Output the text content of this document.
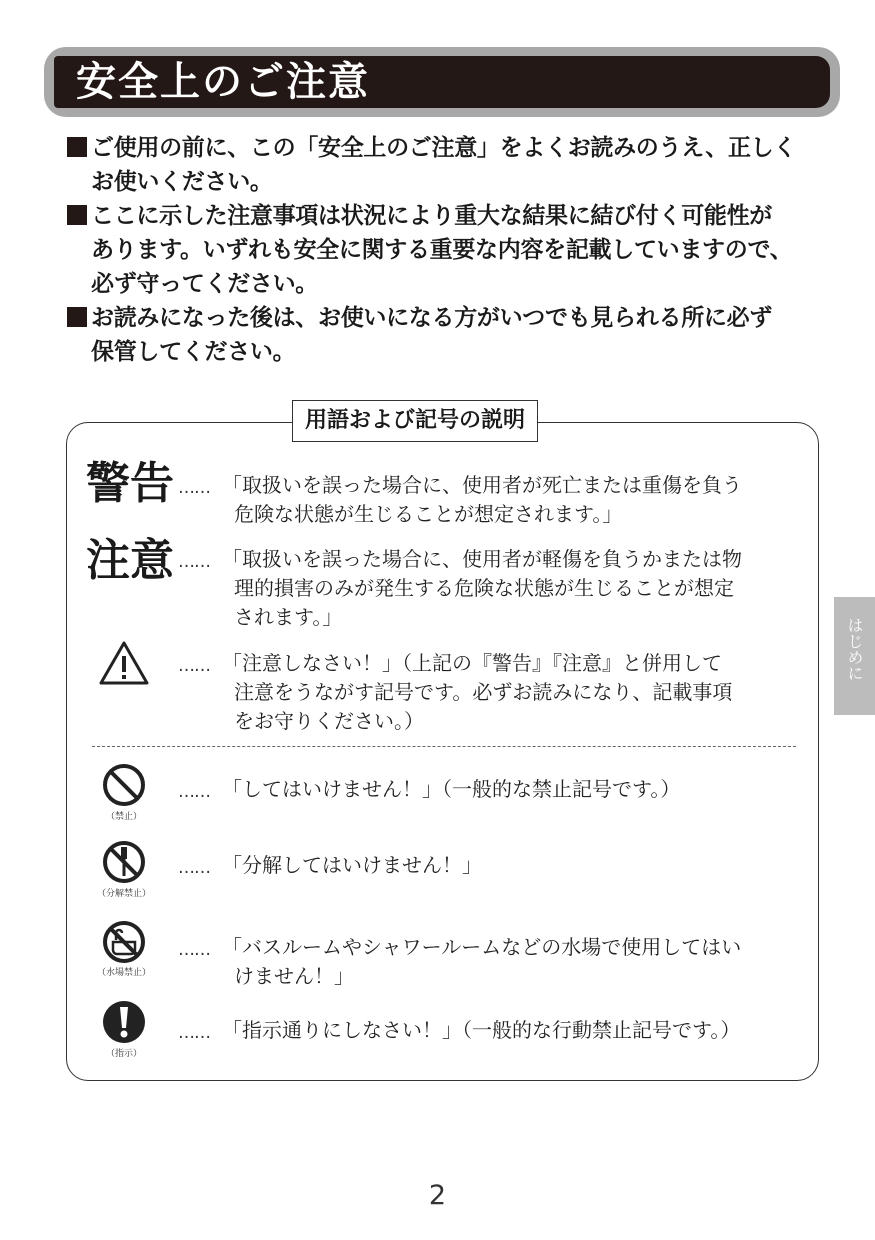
安全上のご注意

ご使用の前に、この「安全上のご注意」をよくお読みのうえ、正しく
お使いください。

ここに示した注意事項は状況により重大な結果に結び付く可能性が
あります。いずれも安全に関する重要な内容を記載していますので、
必ず守ってください。

お読みになった後は、お使いになる方がいつでも見られる所に必ず
保管してください。

用語および記号の説明
はじめに
警告 …… 「取扱いを誤った場合に、使用者が死亡または重傷を負う
危険な状態が生じることが想定されます。」
注意 …… 「取扱いを誤った場合に、使用者が軽傷を負うかまたは物
理的損害のみが発生する危険な状態が生じることが想定
されます。」
…… 「注意しなさい！」（上記の『警告』『注意』と併用して
注意をうながす記号です。必ずお読みになり、記載事項
をお守りください。）
（禁止）
…… 「してはいけません！」（一般的な禁止記号です。）
（分解禁止）
…… 「分解してはいけません！」
（水場禁止）
…… 「バスルームやシャワールームなどの水場で使用してはい
けません！」
（指示）
…… 「指示通りにしなさい！」（一般的な行動禁止記号です。）
2
